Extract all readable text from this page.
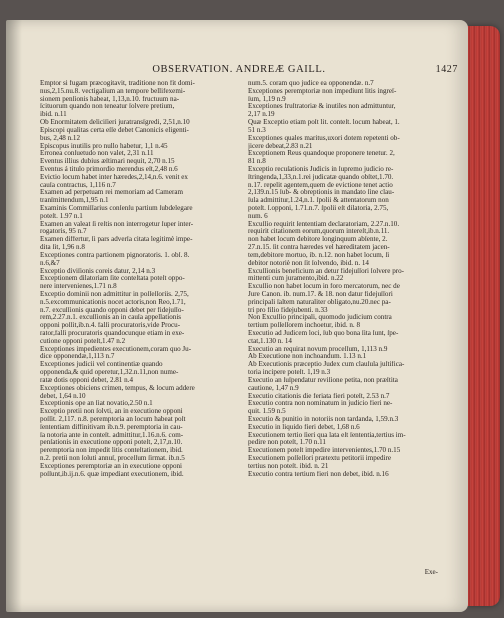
OBSERVATION. ANDREÆ GAILL.	1427
Emptor si fugam præcogitavit, traditione non fit domi-
nus,2,15.nu.8. vectigalium an tempore bellifexemi-
sionem penſionis habeat, 1,13,n.10. fructuum na-
ſcituorum quando non teneatur ſolvere pretium,
ibid. n.11
Ob Enormitatem deliciſieri juratransſgredi, 2,51,n.10
Episcopi qualitas certa eſſe debet Canonicis eligenti-
bus, 2,48 n.12
Episcopus inutilis pro nullo habetur, 1,1 n.45
Erronea conſuetudo non valet, 2,31 n.11
Eventus illius dubius æſtimari nequit, 2,70 n.15
Eventus á titulo primordio merendus eſt,2,48 n.6
Evictio locum habet inter hæredes,2,14,n.6. venit ex
cauſa contractus, 1,116 n.7
Examen ad perpetuam rei memoriam ad Cameram
tranſmittendum,1,95 n.1
Examinis Commiſſarius conſenſu partium ſubdelegare
poteſt. 1.97 n.1
Examen an valeat ſi reſtis non interrogetur ſuper inter-
rogatoris, 95 n.7
Examen differtur, ſi pars adverſa citata legitimè impe-
dita ſit, 1,96 n.8
Exceptiones contra partionem pignoratoris. 1. obſ. 8.
n.6,&7
Exceptio diviſionis coreis datur, 2,14 n.3
Exceptionem dilatoriam ſite conteſtata poteſt oppo-
nere intervenienes,1.71 n.8
Exceptio dominii non admittitur in poſſeſſoriis. 2,75,
n.5.excommunicationis nocet actoris,non Reo,1.71,
n.7. excuſſionis quando opponi debet per fidejuſſo-
rem,2.27.n.1. excuſſionis an in cauſa appellationis
opponi poſſit,ib.n.4. falſi procuratoris,vide Procu-
rator,falſi procuratoris quandocunque etiam in exe-
cutione opponi poteſt,1.47 n.2
Exceptiones impedientes executionem,coram quo Ju-
dice opponendæ,1,113 n.7
Exceptiones judicii vel continentiæ quando
opponenda,& quid operetur,1,32.n.11,non nume-
ratæ dotis opponi debet, 2.81 n.4
Exceptiones obiciens crimen, tempus, & locum addere
debet, 1,64 n.10
Exceptionis ope an ſiat novatio,2.50 n.1
Exceptio pretii non ſolvti, an in executione opponi
poſſit. 2,117. n.8. peremptoria an locum habeat poſt
ſententiam diffinitivam ib.n.9. peremptoria in cau-
ſa notoria ante in conteſt. admittitur,1.16.n.6. com-
penſationis in executione opponi poteſt, 2,17,n.10.
peremptoria non impedit litis conteſtationem, ibid.
n.2. pretii non ſoluti annuſ, proceſſum ſirmat. ib.n.5
Exceptiones peremptoriæ an in executione opponi
poſſunt,ib.ij.n.6. quæ impediant executionem, ibid.
num.5. coram quo judice ea opponendæ. n.7
Exceptiones peremptoriæ non impediunt litis ingreſ-
ſum, 1,19 n.9
Exceptiones fruſtratoriæ & inutiles non admittuntur,
2,17 n.19
Quæ Exceptio etiam poſt lit. conteſt. locum habeat, 1.
51 n.3
Exceptiones quales maritus,uxori dotem repetenti ob-
jicere debeat,2.83 n.21
Exceptionem Reus quandoque proponere tenetur. 2,
81 n.8
Exceptio recuſationis Judicis in ſupremo judicio re-
ſtringenda,1,33,n.1.rei judicatæ quando obſtet,1.70.
n.17. repelit agentem,quem de evictione tenet actio
2,139.n.15 ſub- & obreptionis in mandato ſine clau-
ſula admittitur,1.24,n.1. ſpolii & attentatorum non
poteſt. ſ.opponi, 1.71.n.7. ſpolii eſt dilatoria, 2.75,
num. 6
Excuſſio requirit ſententiam declaratoriam, 2.27.n.10.
requirit citationem eorum,quorum intereſt,ib.n.11.
non habet locum debitore longinquum abſente, 2.
27.n.15. ſit contra hæredes vel hæreditatem jacen-
tem,debitore mortuo, ib. n.12. non habet locum, ſi
debitor notoriè non ſit ſolvendo, ibid. n. 14
Excuſſionis beneficium an detur fidejuſſori ſolvere pro-
mittenti cum juramento,ibid. n.22
Excuſſio non habet locum in foro mercatorum, nec de
Jure Canon. ib. num.17. & 18. non datur fidejuſſori
principali ſaltem naturaliter obligato,nu.20.nec pa-
tri pro filio fidejubenti. n.33
Non Excuſſio principali, quomodo judicium contra
tertium poſſeſſorem inchoetur, ibid. n. 8
Executio ad Judicem loci, ſub quo bona ſita ſunt, ſpe-
ctat,1.130 n. 14
Executio an requirat novum proceſſum, 1,113 n.9
Ab Executione non inchoandum. 1.13 n.1
Ab Executionis præceptio Judex cum clauſula juſtifica-
toria incipere poteſt. 1,19 n.3
Executio an ſuſpendatur reviſione petita, non præſtita
cautione, 1,47 n.9
Executio citationis die feriata fieri poteſt, 2.53 n.7
Executio contra non nominatum in judicio fieri ne-
quit. 1.59 n.5
Executio & punitio in notoriis non tardanda, 1,59.n.3
Executio in liquido fieri debet, 1,68 n.6
Executionem tertio ſieri qua lata eſt ſententia,tertius im-
pedire non poteſt, 1.70 n.11
Executionem poteſt impedire intervenientes,1.70 n.15
Executionem poſſeſſori prætextu petitorii impedire
tertius non poteſt. ibid. n. 21
Executio contra tertium fieri non debet, ibid. n.16
Exe-
